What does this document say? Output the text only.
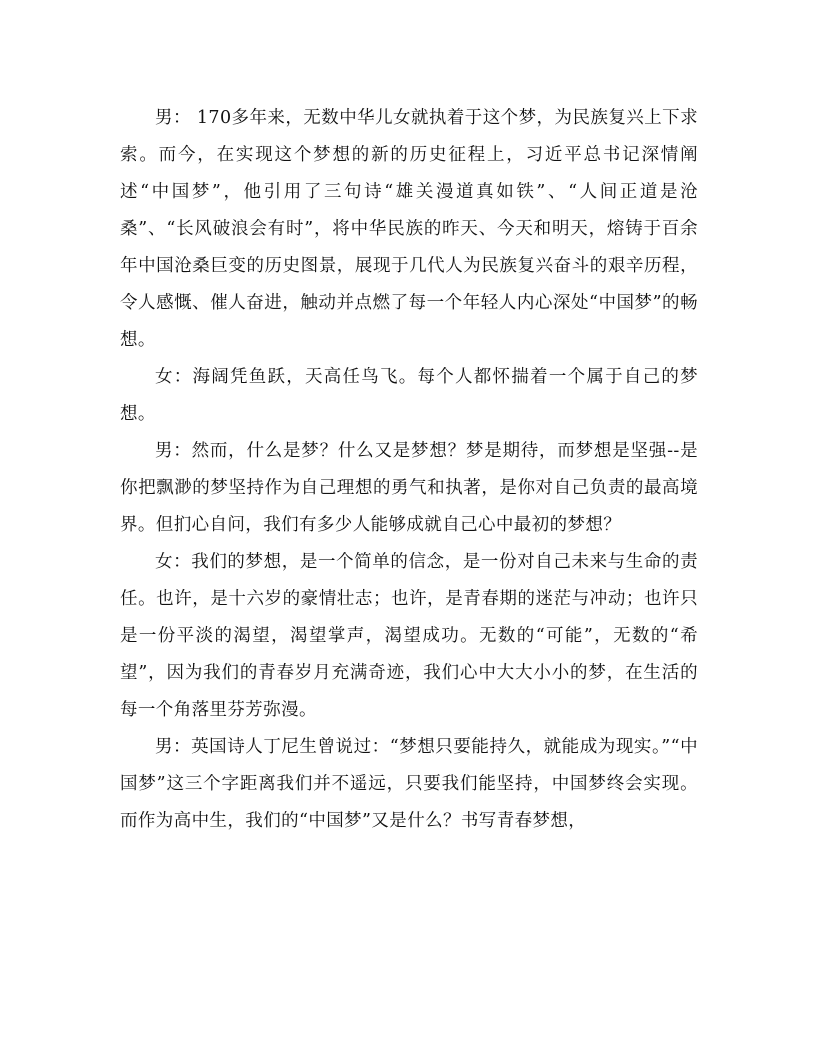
男： 170多年来，无数中华儿女就执着于这个梦，为民族复兴上下求索。而今，在实现这个梦想的新的历史征程上，习近平总书记深情阐述“中国梦”，他引用了三句诗“雄关漫道真如铁”、“人间正道是沧桑”、“长风破浪会有时”，将中华民族的昨天、今天和明天，熔铸于百余年中国沧桑巨变的历史图景，展现于几代人为民族复兴奋斗的艰辛历程，令人感慨、催人奋进，触动并点燃了每一个年轻人内心深处“中国梦”的畅想。

女：海阔凭鱼跃，天高任鸟飞。每个人都怀揣着一个属于自己的梦想。

男：然而，什么是梦？什么又是梦想？梦是期待，而梦想是坚强--是你把飘渺的梦坚持作为自己理想的勇气和执著，是你对自己负责的最高境界。但扪心自问，我们有多少人能够成就自己心中最初的梦想？

女：我们的梦想，是一个简单的信念，是一份对自己未来与生命的责任。也许，是十六岁的豪情壮志；也许，是青春期的迷茫与冲动；也许只是一份平淡的渴望，渴望掌声，渴望成功。无数的“可能”，无数的“希望”，因为我们的青春岁月充满奇迹，我们心中大大小小的梦，在生活的每一个角落里芬芳弥漫。

男：英国诗人丁尼生曾说过：“梦想只要能持久，就能成为现实。”“中国梦”这三个字距离我们并不遥远，只要我们能坚持，中国梦终会实现。而作为高中生，我们的“中国梦”又是什么？书写青春梦想，
